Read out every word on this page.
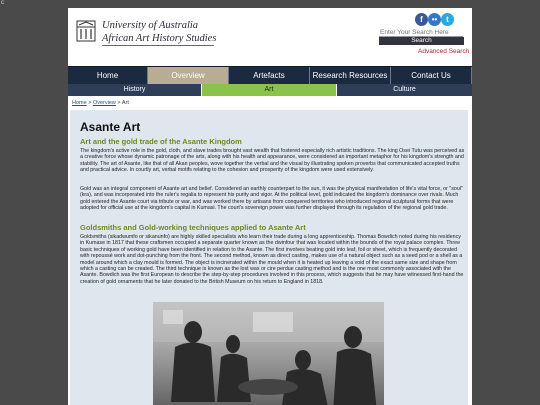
c
University of Australia
African Art History Studies
f	••	t
Enter Your Search Here
Search
Advanced Search
Home	Overview	Artefacts	Research Resources	Contact Us
History	Art	Culture
Home > Overview > Art
Asante Art
Art and the gold trade of the Asante Kingdom
The kingdom's active role in the gold, cloth, and slave trades brought vast wealth that fostered especially rich artistic traditions. The king Osei Tutu was perceived as a creative force whose dynamic patronage of the arts, along with his health and appearance, were considered an important metaphor for his kingdom's strength and stability. The art of Asante, like that of all Akan peoples, wove together the verbal and the visual by illustrating spoken proverbs that communicated accepted truths and practical advice. In courtly art, verbal motifs relating to the cohesion and prosperity of the kingdom were used extensively.
Gold was an integral component of Asante art and belief. Considered an earthly counterpart to the sun, it was the physical manifestation of life's vital force, or "soul" (kra), and was incorporated into the ruler's regalia to represent his purity and vigor. At the political level, gold indicated the kingdom's dominance over rivals. Much gold entered the Asante court via tribute or war, and was worked there by artisans from conquered territories who introduced regional sculptural forms that were adopted for official use at the kingdom's capital in Kumasi. The court's sovereign power was further displayed through its regulation of the regional gold trade.
Goldsmiths and Gold-working techniques applied to Asante Art
Goldsmiths (sikadwumfo or sikanunfo) are highly skilled specialists who learn their trade during a long apprenticeship. Thomas Bowdich noted during his residency in Kumase in 1817 that these craftsmen occupied a separate quarter known as the dwinfour that was located within the bounds of the royal palace complex. Three basic techniques of working gold have been identified in relation to the Asante. The first involves beating gold into leaf, foil or sheet, which is frequently decorated with repoussé work and dot-punching from the front. The second method, known as direct casting, makes use of a natural object such as a seed pod or a shell as a model around which a clay mould is formed. The object is incinerated within the mould when it is heated up leaving a void of the exact same size and shape from which a casting can be created. The third technique is known as the lost wax or cire perdue casting method and is the one most commonly associated with the Asante. Bowdich was the first European to describe the step-by-step procedures involved in this process, which suggests that he may have witnessed first-hand the creation of gold ornaments that he later donated to the British Museum on his return to England in 1818.
